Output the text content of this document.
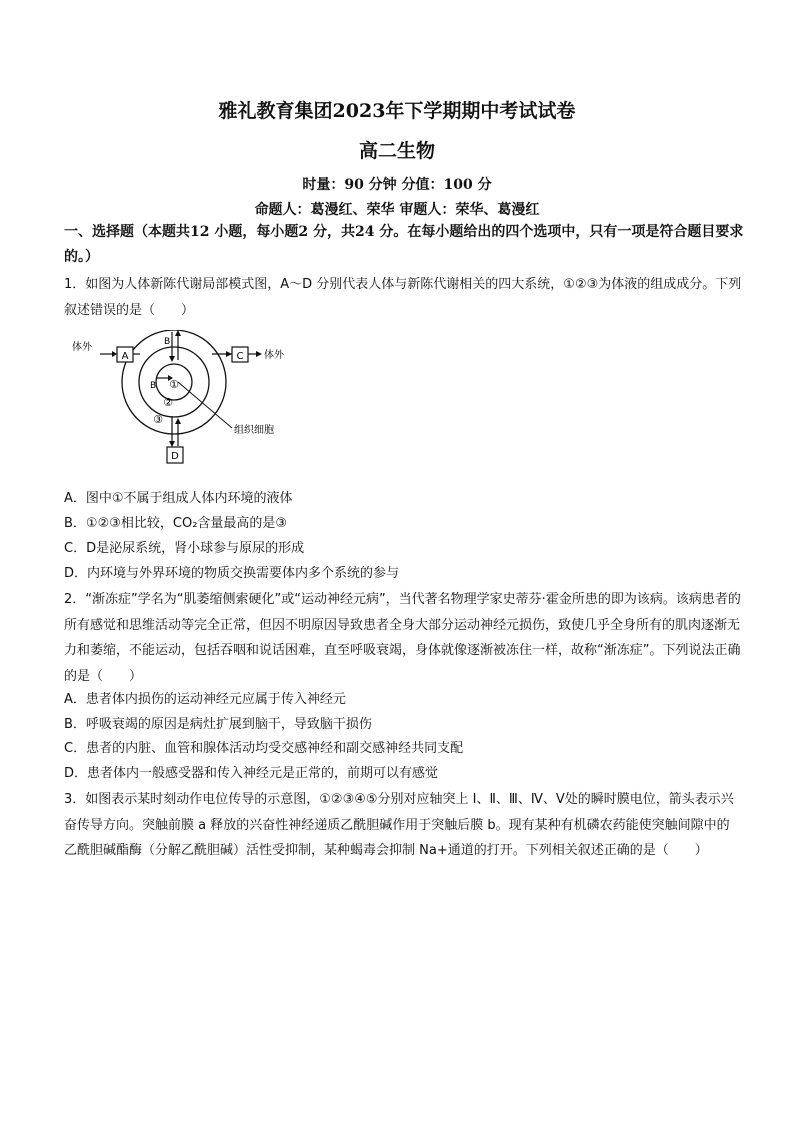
雅礼教育集团2023年下学期期中考试试卷
高二生物
时量：90 分钟 分值：100 分
命题人：葛漫红、荣华 审题人：荣华、葛漫红
一、选择题（本题共12 小题，每小题2 分，共24 分。在每小题给出的四个选项中，只有一项是符合题目要求的。）
1．如图为人体新陈代谢局部模式图，A～D 分别代表人体与新陈代谢相关的四大系统，①②③为体液的组成成分。下列叙述错误的是（　　）
A
体外
C 体外
B
B ①
②
③
组织细胞
D
A．图中①不属于组成人体内环境的液体
B．①②③相比较，CO₂含量最高的是③
C．D是泌尿系统，肾小球参与原尿的形成
D．内环境与外界环境的物质交换需要体内多个系统的参与
2．“渐冻症”学名为“肌萎缩侧索硬化”或“运动神经元病”，当代著名物理学家史蒂芬·霍金所患的即为该病。该病患者的所有感觉和思维活动等完全正常，但因不明原因导致患者全身大部分运动神经元损伤，致使几乎全身所有的肌肉逐渐无力和萎缩，不能运动，包括吞咽和说话困难，直至呼吸衰竭，身体就像逐渐被冻住一样，故称“渐冻症”。下列说法正确的是（　　）
A．患者体内损伤的运动神经元应属于传入神经元
B．呼吸衰竭的原因是病灶扩展到脑干，导致脑干损伤
C．患者的内脏、血管和腺体活动均受交感神经和副交感神经共同支配
D．患者体内一般感受器和传入神经元是正常的，前期可以有感觉
3．如图表示某时刻动作电位传导的示意图，①②③④⑤分别对应轴突上 I、Ⅱ、Ⅲ、Ⅳ、Ⅴ处的瞬时膜电位，箭头表示兴奋传导方向。突触前膜 a 释放的兴奋性神经递质乙酰胆碱作用于突触后膜 b。现有某种有机磷农药能使突触间隙中的乙酰胆碱酯酶（分解乙酰胆碱）活性受抑制，某种蝎毒会抑制 Na+通道的打开。下列相关叙述正确的是（　　）
